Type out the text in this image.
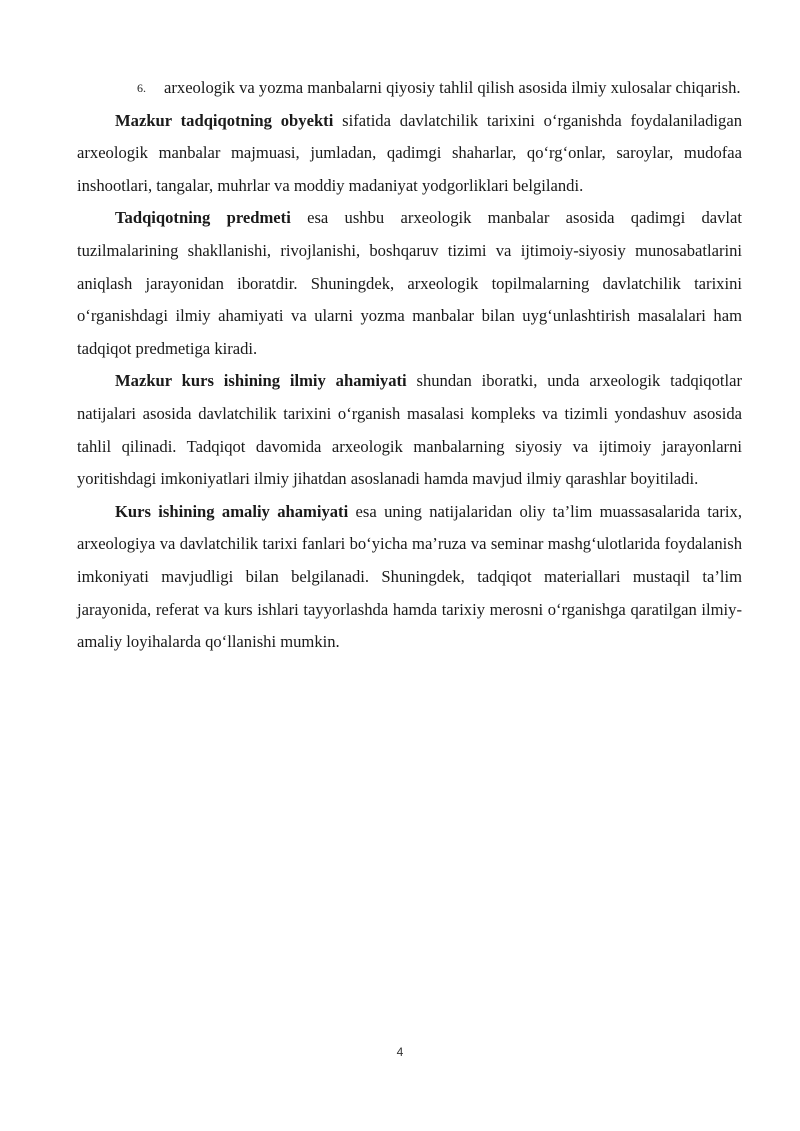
6.	arxeologik va yozma manbalarni qiyosiy tahlil qilish asosida ilmiy xulosalar chiqarish.

Mazkur tadqiqotning obyekti sifatida davlatchilik tarixini o‘rganishda foydalaniladigan arxeologik manbalar majmuasi, jumladan, qadimgi shaharlar, qo‘rg‘onlar, saroylar, mudofaa inshootlari, tangalar, muhrlar va moddiy madaniyat yodgorliklari belgilandi.

Tadqiqotning predmeti esa ushbu arxeologik manbalar asosida qadimgi davlat tuzilmalarining shakllanishi, rivojlanishi, boshqaruv tizimi va ijtimoiy-siyosiy munosabatlarini aniqlash jarayonidan iboratdir. Shuningdek, arxeologik topilmalarning davlatchilik tarixini o‘rganishdagi ilmiy ahamiyati va ularni yozma manbalar bilan uyg‘unlashtirish masalalari ham tadqiqot predmetiga kiradi.

Mazkur kurs ishining ilmiy ahamiyati shundan iboratki, unda arxeologik tadqiqotlar natijalari asosida davlatchilik tarixini o‘rganish masalasi kompleks va tizimli yondashuv asosida tahlil qilinadi. Tadqiqot davomida arxeologik manbalarning siyosiy va ijtimoiy jarayonlarni yoritishdagi imkoniyatlari ilmiy jihatdan asoslanadi hamda mavjud ilmiy qarashlar boyitiladi.

Kurs ishining amaliy ahamiyati esa uning natijalaridan oliy ta’lim muassasalarida tarix, arxeologiya va davlatchilik tarixi fanlari bo‘yicha ma’ruza va seminar mashg‘ulotlarida foydalanish imkoniyati mavjudligi bilan belgilanadi. Shuningdek, tadqiqot materiallari mustaqil ta’lim jarayonida, referat va kurs ishlari tayyorlashda hamda tarixiy merosni o‘rganishga qaratilgan ilmiy-amaliy loyihalarda qo‘llanishi mumkin.

4
